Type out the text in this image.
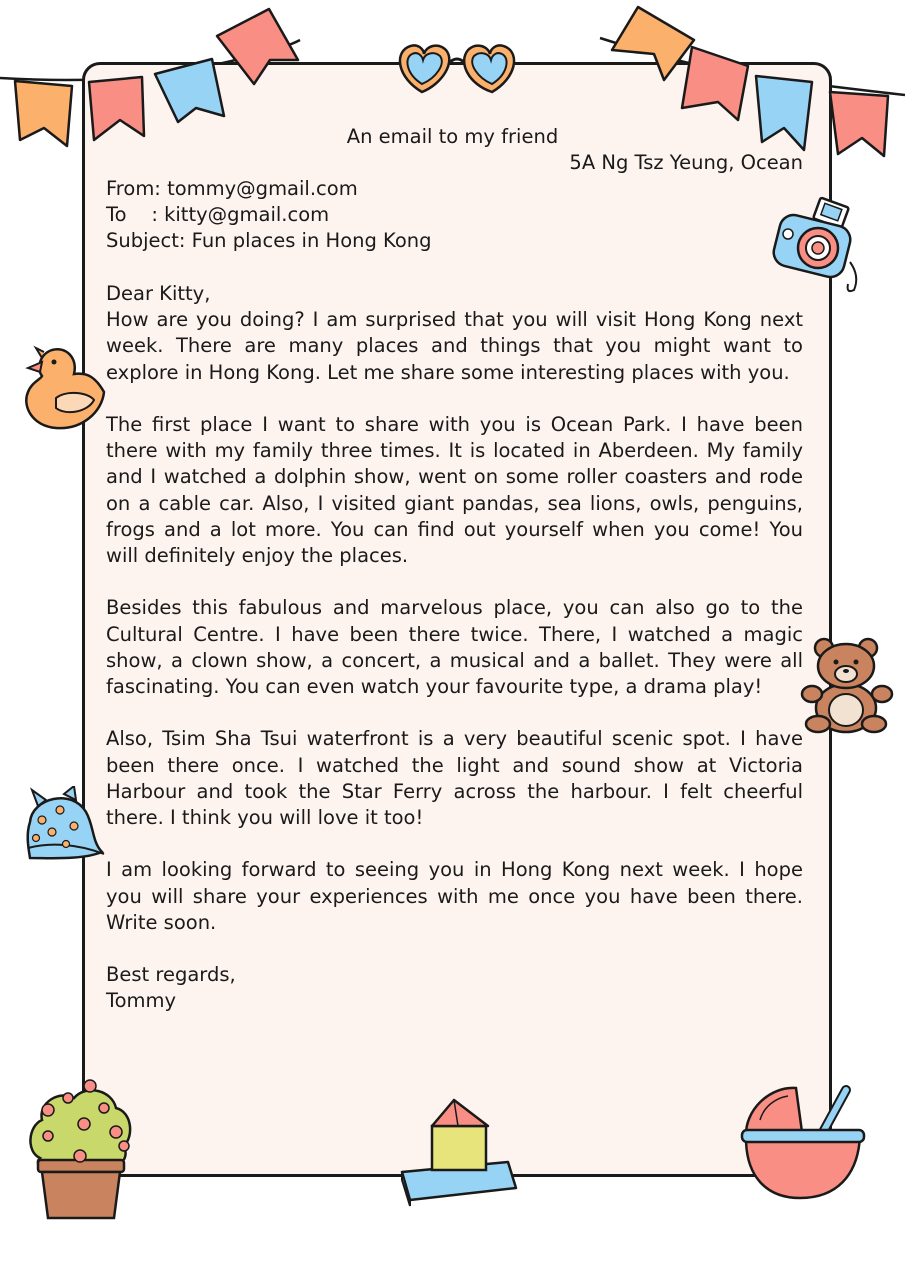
An email to my friend

5A Ng Tsz Yeung, Ocean

From: tommy@gmail.com
To    : kitty@gmail.com
Subject: Fun places in Hong Kong

Dear Kitty,

How are you doing? I am surprised that you will visit Hong Kong next week. There are many places and things that you might want to explore in Hong Kong. Let me share some interesting places with you.

The first place I want to share with you is Ocean Park. I have been there with my family three times. It is located in Aberdeen. My family and I watched a dolphin show, went on some roller coasters and rode on a cable car. Also, I visited giant pandas, sea lions, owls, penguins, frogs and a lot more. You can find out yourself when you come! You will definitely enjoy the places.

Besides this fabulous and marvelous place, you can also go to the Cultural Centre. I have been there twice. There, I watched a magic show, a clown show, a concert, a musical and a ballet. They were all fascinating. You can even watch your favourite type, a drama play!

Also, Tsim Sha Tsui waterfront is a very beautiful scenic spot. I have been there once. I watched the light and sound show at Victoria Harbour and took the Star Ferry across the harbour. I felt cheerful there. I think you will love it too!

I am looking forward to seeing you in Hong Kong next week. I hope you will share your experiences with me once you have been there. Write soon.

Best regards,

Tommy
